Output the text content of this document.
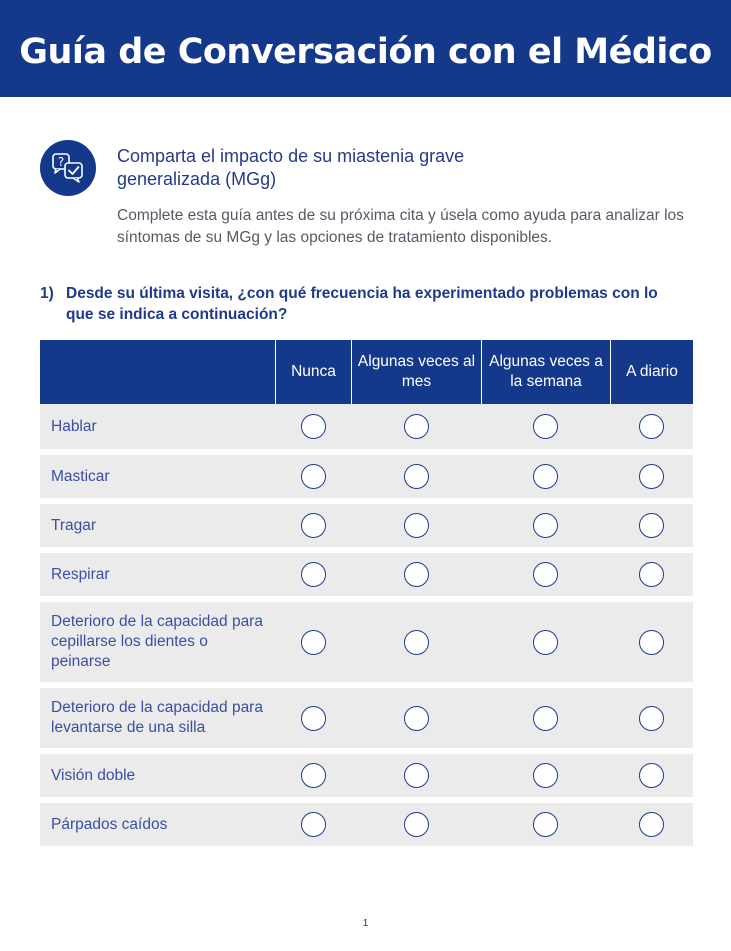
Guía de Conversación con el Médico
?	Comparta el impacto de su miastenia grave generalizada (MGg)
Complete esta guía antes de su próxima cita y úsela como ayuda para analizar los síntomas de su MGg y las opciones de tratamiento disponibles.
1) Desde su última visita, ¿con qué frecuencia ha experimentado problemas con lo que se indica a continuación?
	Nunca	Algunas veces al mes	Algunas veces a la semana	A diario
Hablar				
Masticar				
Tragar				
Respirar				
Deterioro de la capacidad para cepillarse los dientes o peinarse				
Deterioro de la capacidad para levantarse de una silla				
Visión doble				
Párpados caídos				
1
